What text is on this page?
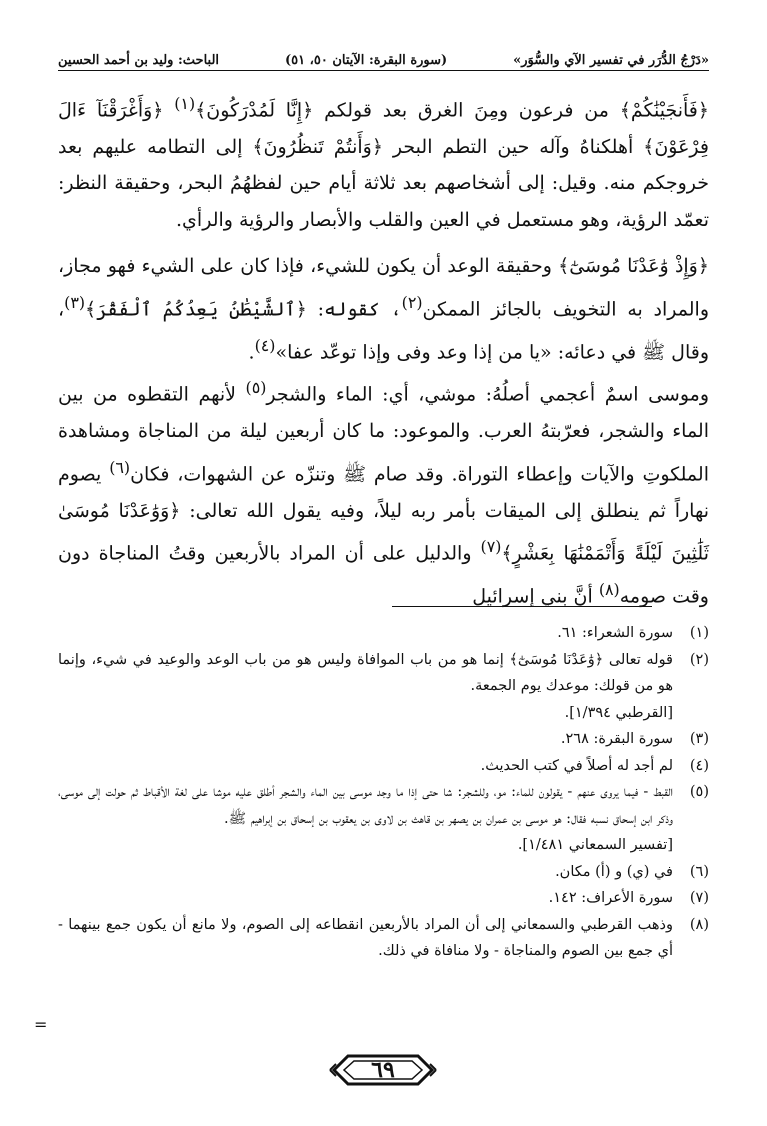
«دَرْجُ الدُّرَر في تفسير الآي والسُّوَر»
(سورة البقرة: الآيتان ٥٠، ٥١)
الباحث: وليد بن أحمد الحسين

﴿فَأَنجَيْنَٰكُمْ﴾ من فرعون ومِنَ الغرق بعد قولكم ﴿إِنَّا لَمُدْرَكُونَ﴾$^{(١)}$ ﴿وَأَغْرَقْنَآ ءَالَ فِرْعَوْنَ﴾ أهلكناهُ وآله حين التطم البحر ﴿وَأَنتُمْ تَنظُرُونَ﴾ إلى التطامه عليهم بعد خروجكم منه. وقيل: إلى أشخاصهم بعد ثلاثة أيام حين لفظهُمُ البحر، وحقيقة النظر: تعمّد الرؤية، وهو مستعمل في العين والقلب والأبصار والرؤية والرأي.

﴿وَإِذْ وَٰعَدْنَا مُوسَىٰٓ﴾ وحقيقة الوعد أن يكون للشيء، فإذا كان على الشيء فهو مجاز، والمراد به التخويف بالجائز الممكن$^{(٢)}$، كقوله: ﴿ٱلشَّيْطَٰنُ يَعِدُكُمُ ٱلْفَقْرَ﴾$^{(٣)}$، وقال ﷺ في دعائه: «يا من إذا وعد وفى وإذا توعّد عفا»$^{(٤)}$.
وموسى اسمٌ أعجمي أصلُهُ: موشي، أي: الماء والشجر$^{(٥)}$ لأنهم التقطوه من بين الماء والشجر، فعرّبتهُ العرب. والموعود: ما كان أربعين ليلة من المناجاة ومشاهدة الملكوتِ والآيات وإعطاء التوراة. وقد صام ﷺ وتنزّه عن الشهوات، فكان$^{(٦)}$ يصوم نهاراً ثم ينطلق إلى الميقات بأمر ربه ليلاً، وفيه يقول الله تعالى: ﴿وَوَٰعَدْنَا مُوسَىٰ ثَلَٰثِينَ لَيْلَةً وَأَتْمَمْنَٰهَا بِعَشْرٍ﴾$^{(٧)}$ والدليل على أن المراد بالأربعين وقتُ المناجاة دون وقت صومه$^{(٨)}$ أنَّ بني إسرائيل

(١)
سورة الشعراء: ٦١.
(٢)
قوله تعالى ﴿وَٰعَدْنَا مُوسَىٰٓ﴾ إنما هو من باب الموافاة وليس هو من باب الوعد والوعيد في شيء، وإنما هو من قولك: موعدك يوم الجمعة.
[القرطبي ١/٣٩٤].
(٣)
سورة البقرة: ٢٦٨.
(٤)
لم أجد له أصلاً في كتب الحديث.
(٥)
القبط - فيما يروى عنهم - يقولون للماء: مو، وللشجر: شا حتى إذا ما وجد موسى بين الماء والشجر أطلق عليه موشا على لغة الأقباط ثم حولت إلى موسى، وذكر ابن إسحاق نسبه فقال: هو موسى بن عمران بن يصهر بن قاهث بن لاوى بن يعقوب بن إسحاق بن إبراهيم ﷺ.
[تفسير السمعاني ١/٤٨١].
(٦)
في (ي) و (أ) مكان.
(٧)
سورة الأعراف: ١٤٢.
(٨)
وذهب القرطبي والسمعاني إلى أن المراد بالأربعين انقطاعه إلى الصوم، ولا مانع أن يكون جمع بينهما - أي جمع بين الصوم والمناجاة - ولا منافاة في ذلك.
=
٦٩
